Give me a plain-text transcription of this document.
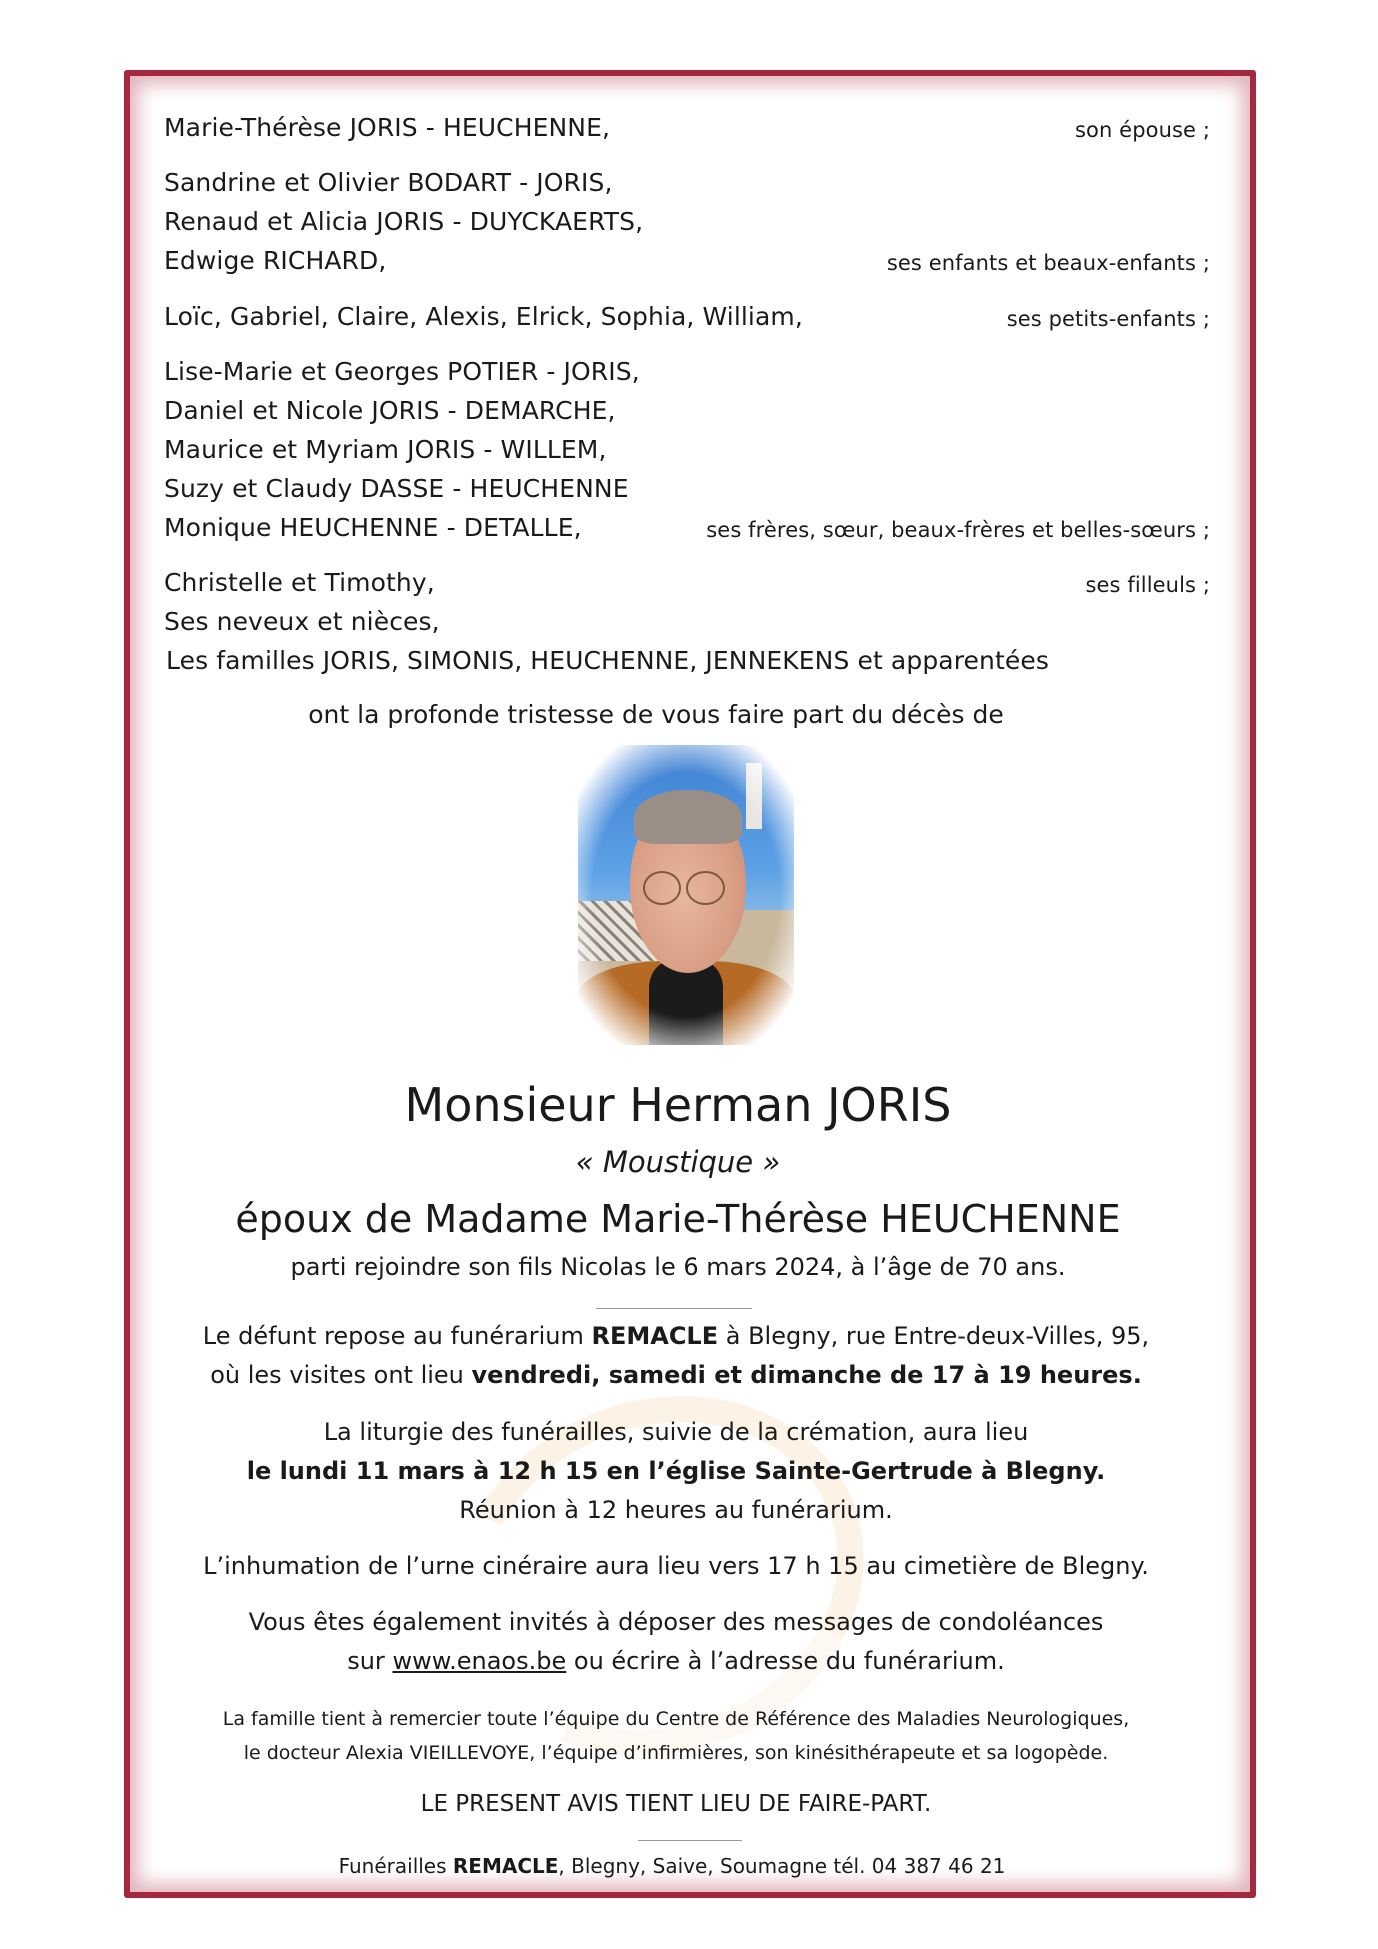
Marie-Thérèse JORIS - HEUCHENNE,	son épouse ;
Sandrine et Olivier BODART - JORIS,
Renaud et Alicia JORIS - DUYCKAERTS,
Edwige RICHARD,	ses enfants et beaux-enfants ;
Loïc, Gabriel, Claire, Alexis, Elrick, Sophia, William,	ses petits-enfants ;
Lise-Marie et Georges POTIER - JORIS,
Daniel et Nicole JORIS - DEMARCHE,
Maurice et Myriam JORIS - WILLEM,
Suzy et Claudy DASSE - HEUCHENNE
Monique HEUCHENNE - DETALLE,	ses frères, sœur, beaux-frères et belles-sœurs ;
Christelle et Timothy,	ses filleuls ;
Ses neveux et nièces,
Les familles JORIS, SIMONIS, HEUCHENNE, JENNEKENS et apparentées
ont la profonde tristesse de vous faire part du décès de
Monsieur Herman JORIS
« Moustique »
époux de Madame Marie-Thérèse HEUCHENNE
parti rejoindre son fils Nicolas le 6 mars 2024, à l’âge de 70 ans.
Le défunt repose au funérarium REMACLE à Blegny, rue Entre-deux-Villes, 95,
où les visites ont lieu vendredi, samedi et dimanche de 17 à 19 heures.
La liturgie des funérailles, suivie de la crémation, aura lieu
le lundi 11 mars à 12 h 15 en l’église Sainte-Gertrude à Blegny.
Réunion à 12 heures au funérarium.
L’inhumation de l’urne cinéraire aura lieu vers 17 h 15 au cimetière de Blegny.
Vous êtes également invités à déposer des messages de condoléances
sur www.enaos.be ou écrire à l’adresse du funérarium.
La famille tient à remercier toute l’équipe du Centre de Référence des Maladies Neurologiques,
le docteur Alexia VIEILLEVOYE, l’équipe d’infirmières, son kinésithérapeute et sa logopède.
LE PRESENT AVIS TIENT LIEU DE FAIRE-PART.
Funérailles REMACLE, Blegny, Saive, Soumagne tél. 04 387 46 21
